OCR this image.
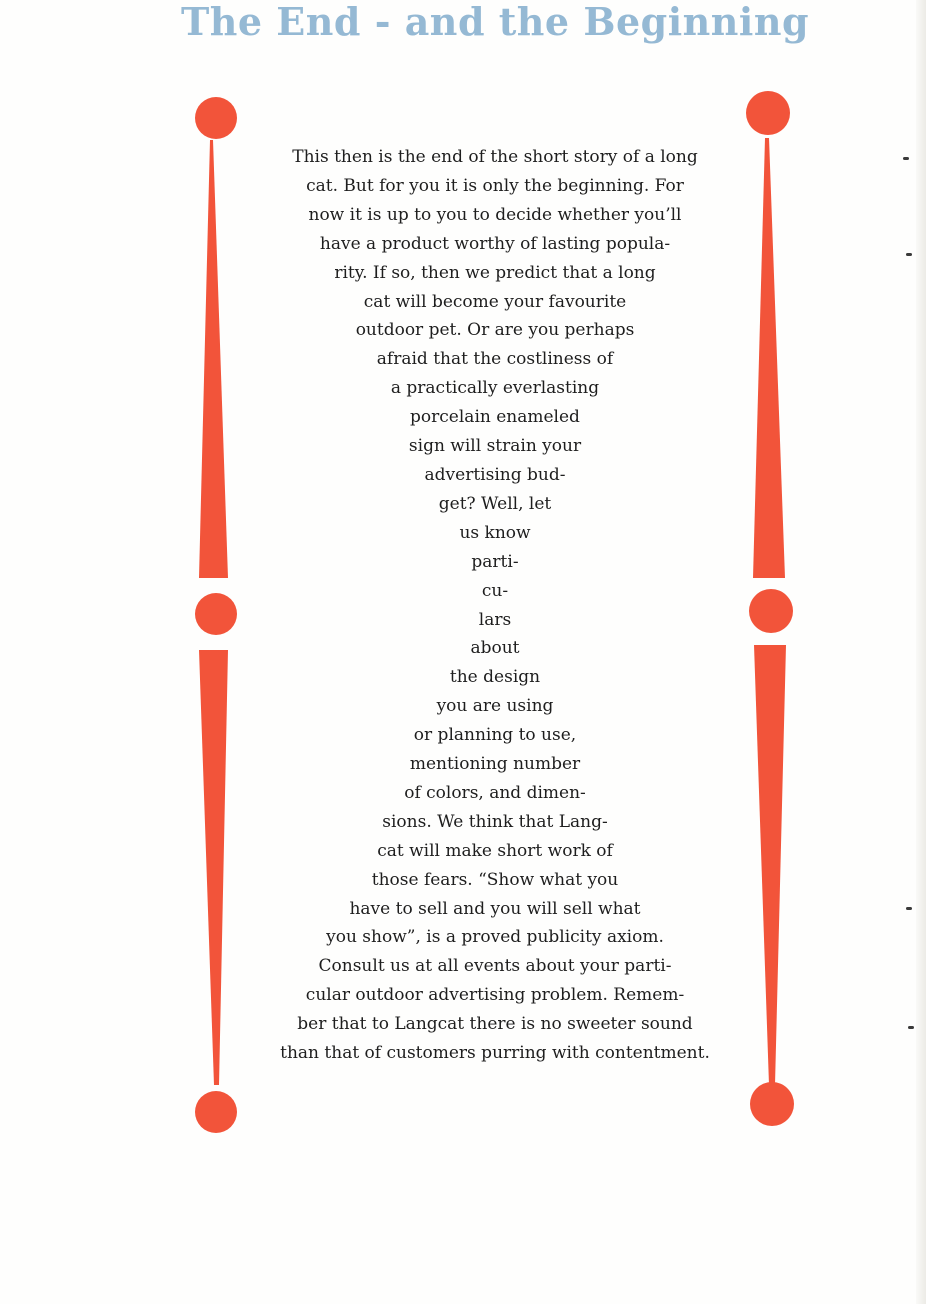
The End - and the Beginning
This then is the end of the short story of a long
cat. But for you it is only the beginning. For
now it is up to you to decide whether you’ll
have a product worthy of lasting popula-
rity. If so, then we predict that a long
cat will become your favourite
outdoor pet. Or are you perhaps
afraid that the costliness of
a practically everlasting
porcelain enameled
sign will strain your
advertising bud-
get? Well, let
us know
parti-
cu-
lars
about
the design
you are using
or planning to use,
mentioning number
of colors, and dimen-
sions. We think that Lang-
cat will make short work of
those fears. “Show what you
have to sell and you will sell what
you show”, is a proved publicity axiom.
Consult us at all events about your parti-
cular outdoor advertising problem. Remem-
ber that to Langcat there is no sweeter sound
than that of customers purring with contentment.
